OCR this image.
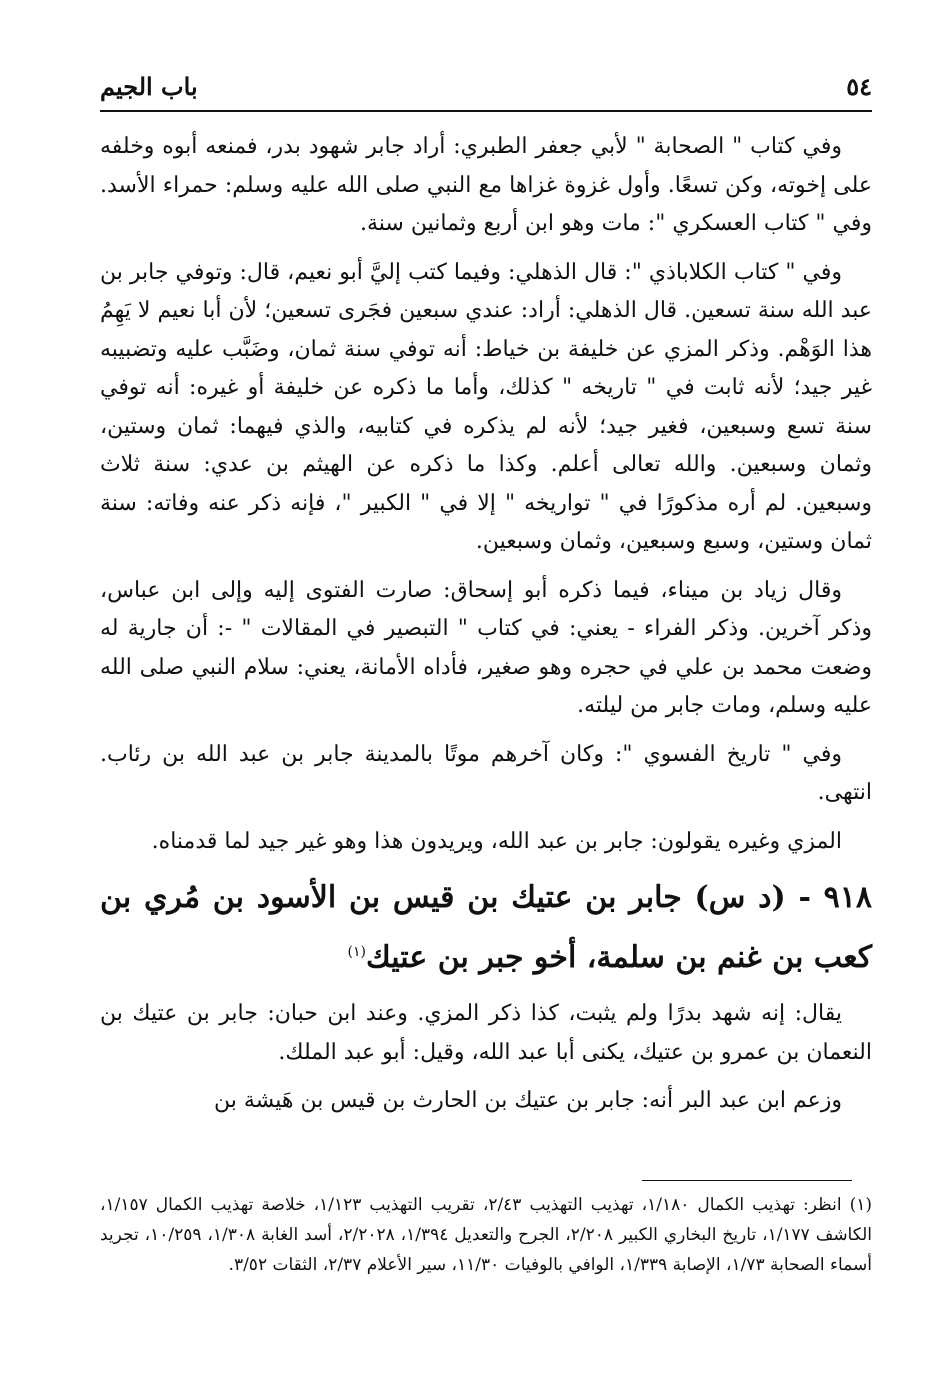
٥٤
باب الجيم

وفي كتاب " الصحابة " لأبي جعفر الطبري: أراد جابر شهود بدر، فمنعه أبوه وخلفه على إخوته، وكن تسعًا. وأول غزوة غزاها مع النبي صلى الله عليه وسلم: حمراء الأسد. وفي " كتاب العسكري ": مات وهو ابن أربع وثمانين سنة.

وفي " كتاب الكلاباذي ": قال الذهلي: وفيما كتب إليَّ أبو نعيم، قال: وتوفي جابر بن عبد الله سنة تسعين. قال الذهلي: أراد: عندي سبعين فجَرى تسعين؛ لأن أبا نعيم لا يَهِمُ هذا الوَهْم. وذكر المزي عن خليفة بن خياط: أنه توفي سنة ثمان، وضَبَّب عليه وتضبيبه غير جيد؛ لأنه ثابت في " تاريخه " كذلك، وأما ما ذكره عن خليفة أو غيره: أنه توفي سنة تسع وسبعين، فغير جيد؛ لأنه لم يذكره في كتابيه، والذي فيهما: ثمان وستين، وثمان وسبعين. والله تعالى أعلم. وكذا ما ذكره عن الهيثم بن عدي: سنة ثلاث وسبعين. لم أره مذكورًا في " تواريخه " إلا في " الكبير "، فإنه ذكر عنه وفاته: سنة ثمان وستين، وسبع وسبعين، وثمان وسبعين.

وقال زياد بن ميناء، فيما ذكره أبو إسحاق: صارت الفتوى إليه وإلى ابن عباس، وذكر آخرين. وذكر الفراء - يعني: في كتاب " التبصير في المقالات " -: أن جارية له وضعت محمد بن علي في حجره وهو صغير، فأداه الأمانة، يعني: سلام النبي صلى الله عليه وسلم، ومات جابر من ليلته.

وفي " تاريخ الفسوي ": وكان آخرهم موتًا بالمدينة جابر بن عبد الله بن رئاب. انتهى.

المزي وغيره يقولون: جابر بن عبد الله، ويريدون هذا وهو غير جيد لما قدمناه.

٩١٨ - (د س) جابر بن عتيك بن قيس بن الأسود بن مُري بن كعب بن غنم بن سلمة، أخو جبر بن عتيك$^{(١)}$

يقال: إنه شهد بدرًا ولم يثبت، كذا ذكر المزي. وعند ابن حبان: جابر بن عتيك بن النعمان بن عمرو بن عتيك، يكنى أبا عبد الله، وقيل: أبو عبد الملك.

وزعم ابن عبد البر أنه: جابر بن عتيك بن الحارث بن قيس بن هَيشة بن

(١) انظر: تهذيب الكمال ١/١٨٠، تهذيب التهذيب ٢/٤٣، تقريب التهذيب ١/١٢٣، خلاصة تهذيب الكمال ١/١٥٧، الكاشف ١/١٧٧، تاريخ البخاري الكبير ٢/٢٠٨، الجرح والتعديل ١/٣٩٤، ٢/٢٠٢٨، أسد الغابة ١/٣٠٨، ١٠/٢٥٩، تجريد أسماء الصحابة ١/٧٣، الإصابة ١/٣٣٩، الوافي بالوفيات ١١/٣٠، سير الأعلام ٢/٣٧، الثقات ٣/٥٢.
